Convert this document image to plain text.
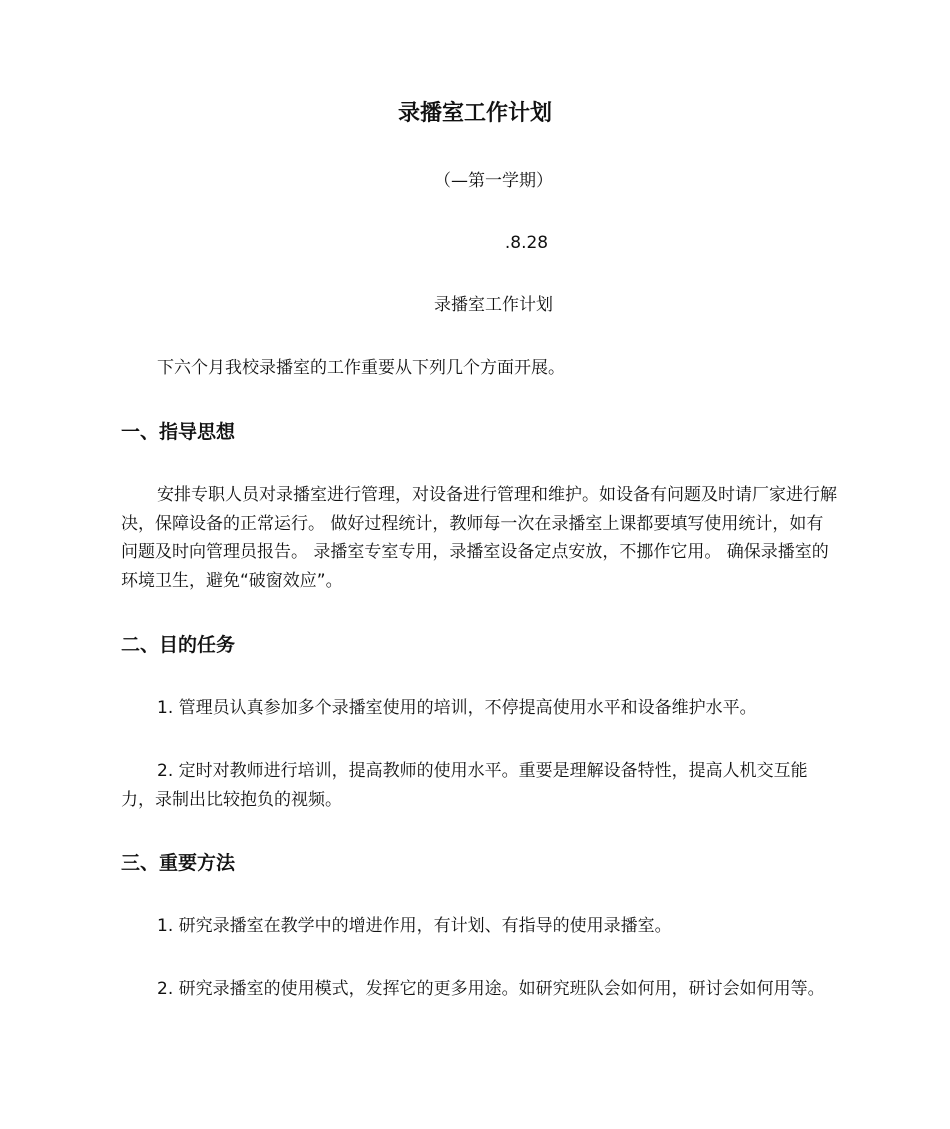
录播室工作计划
（—第一学期）
.8.28
录播室工作计划

下六个月我校录播室的工作重要从下列几个方面开展。

一、指导思想

安排专职人员对录播室进行管理，对设备进行管理和维护。如设备有问题及时请厂家进行解决，保障设备的正常运行。 做好过程统计，教师每一次在录播室上课都要填写使用统计，如有问题及时向管理员报告。 录播室专室专用，录播室设备定点安放，不挪作它用。 确保录播室的环境卫生，避免“破窗效应”。

二、目的任务

1. 管理员认真参加多个录播室使用的培训，不停提高使用水平和设备维护水平。

2. 定时对教师进行培训，提高教师的使用水平。重要是理解设备特性，提高人机交互能力，录制出比较抱负的视频。

三、重要方法

1. 研究录播室在教学中的增进作用，有计划、有指导的使用录播室。

2. 研究录播室的使用模式，发挥它的更多用途。如研究班队会如何用，研讨会如何用等。
